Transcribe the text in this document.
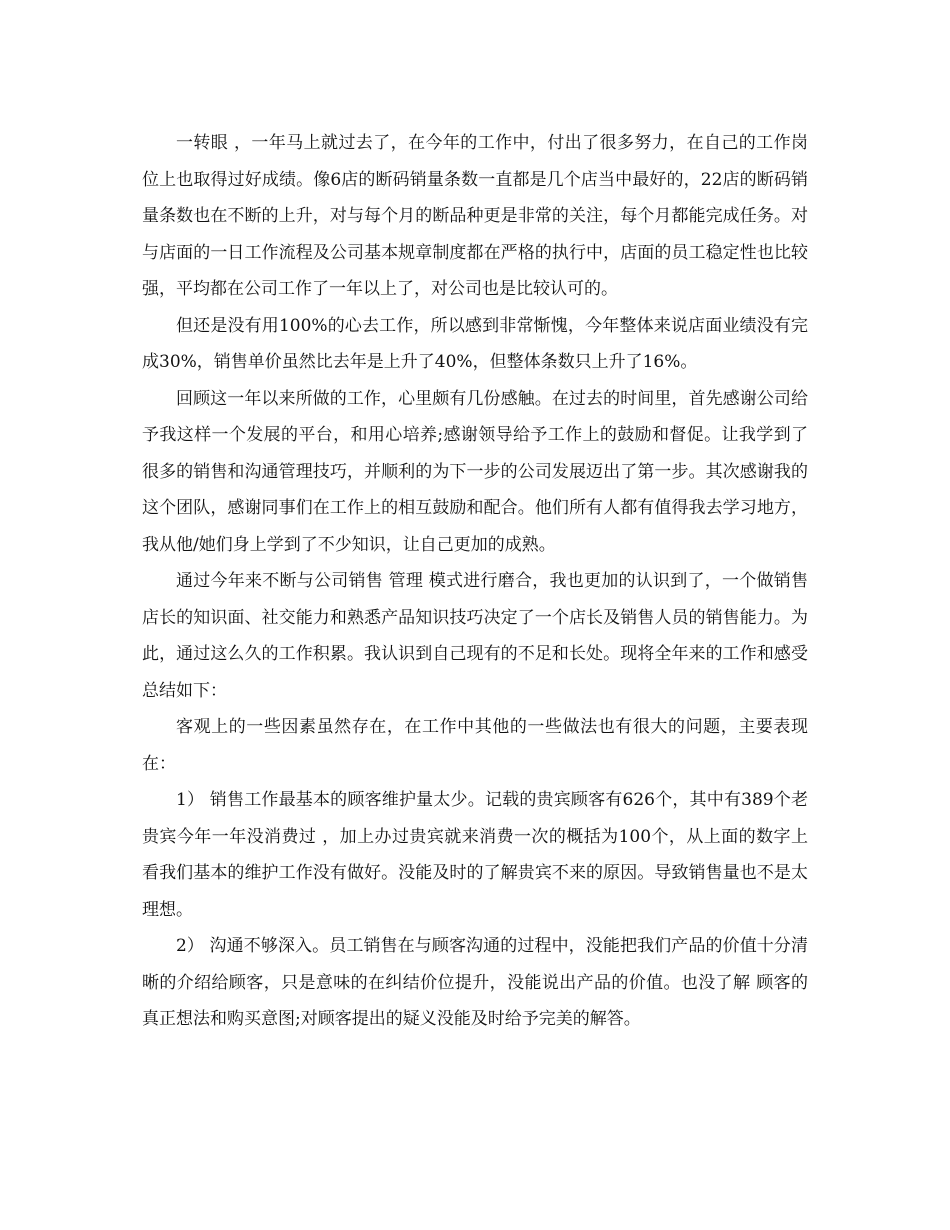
一转眼 ，一年马上就过去了，在今年的工作中，付出了很多努力，在自己的工作岗位上也取得过好成绩。像6店的断码销量条数一直都是几个店当中最好的，22店的断码销量条数也在不断的上升，对与每个月的断品种更是非常的关注，每个月都能完成任务。对与店面的一日工作流程及公司基本规章制度都在严格的执行中，店面的员工稳定性也比较强，平均都在公司工作了一年以上了，对公司也是比较认可的。

但还是没有用100%的心去工作，所以感到非常惭愧，今年整体来说店面业绩没有完成30%，销售单价虽然比去年是上升了40%，但整体条数只上升了16%。

回顾这一年以来所做的工作，心里颇有几份感触。在过去的时间里，首先感谢公司给予我这样一个发展的平台，和用心培养;感谢领导给予工作上的鼓励和督促。让我学到了很多的销售和沟通管理技巧，并顺利的为下一步的公司发展迈出了第一步。其次感谢我的这个团队，感谢同事们在工作上的相互鼓励和配合。他们所有人都有值得我去学习地方，我从他/她们身上学到了不少知识，让自己更加的成熟。

通过今年来不断与公司销售 管理 模式进行磨合，我也更加的认识到了，一个做销售店长的知识面、社交能力和熟悉产品知识技巧决定了一个店长及销售人员的销售能力。为此，通过这么久的工作积累。我认识到自己现有的不足和长处。现将全年来的工作和感受总结如下：

客观上的一些因素虽然存在，在工作中其他的一些做法也有很大的问题，主要表现在：

1） 销售工作最基本的顾客维护量太少。记载的贵宾顾客有626个，其中有389个老贵宾今年一年没消费过 ，加上办过贵宾就来消费一次的概括为100个，从上面的数字上看我们基本的维护工作没有做好。没能及时的了解贵宾不来的原因。导致销售量也不是太理想。

2） 沟通不够深入。员工销售在与顾客沟通的过程中，没能把我们产品的价值十分清晰的介绍给顾客，只是意味的在纠结价位提升，没能说出产品的价值。也没了解 顾客的真正想法和购买意图;对顾客提出的疑义没能及时给予完美的解答。
